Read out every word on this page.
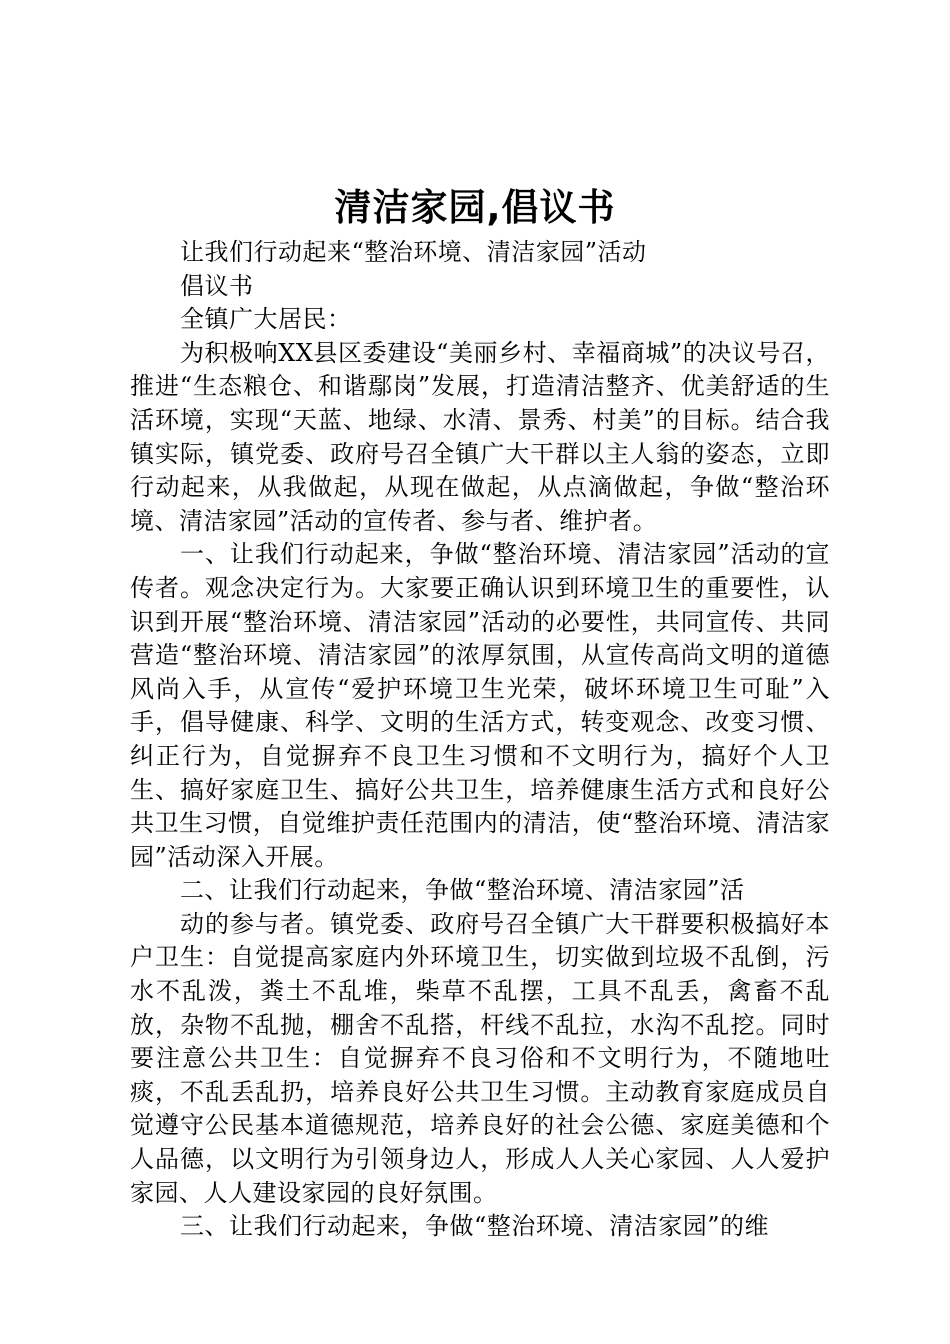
清洁家园,倡议书

让我们行动起来“整治环境、清洁家园”活动

倡议书

全镇广大居民：

为积极响XX县区委建设“美丽乡村、幸福商城”的决议号召，推进“生态粮仓、和谐鄢岗”发展，打造清洁整齐、优美舒适的生活环境，实现“天蓝、地绿、水清、景秀、村美”的目标。结合我镇实际，镇党委、政府号召全镇广大干群以主人翁的姿态，立即行动起来，从我做起，从现在做起，从点滴做起，争做“整治环境、清洁家园”活动的宣传者、参与者、维护者。

一、让我们行动起来，争做“整治环境、清洁家园”活动的宣传者。观念决定行为。大家要正确认识到环境卫生的重要性，认识到开展“整治环境、清洁家园”活动的必要性，共同宣传、共同营造“整治环境、清洁家园”的浓厚氛围，从宣传高尚文明的道德风尚入手，从宣传“爱护环境卫生光荣，破坏环境卫生可耻”入手，倡导健康、科学、文明的生活方式，转变观念、改变习惯、纠正行为，自觉摒弃不良卫生习惯和不文明行为，搞好个人卫生、搞好家庭卫生、搞好公共卫生，培养健康生活方式和良好公共卫生习惯，自觉维护责任范围内的清洁，使“整治环境、清洁家园”活动深入开展。

二、让我们行动起来，争做“整治环境、清洁家园”活

动的参与者。镇党委、政府号召全镇广大干群要积极搞好本户卫生：自觉提高家庭内外环境卫生，切实做到垃圾不乱倒，污水不乱泼，粪土不乱堆，柴草不乱摆，工具不乱丢，禽畜不乱放，杂物不乱抛，棚舍不乱搭，杆线不乱拉，水沟不乱挖。同时要注意公共卫生：自觉摒弃不良习俗和不文明行为，不随地吐痰，不乱丢乱扔，培养良好公共卫生习惯。主动教育家庭成员自觉遵守公民基本道德规范，培养良好的社会公德、家庭美德和个人品德，以文明行为引领身边人，形成人人关心家园、人人爱护家园、人人建设家园的良好氛围。

三、让我们行动起来，争做“整治环境、清洁家园”的维
